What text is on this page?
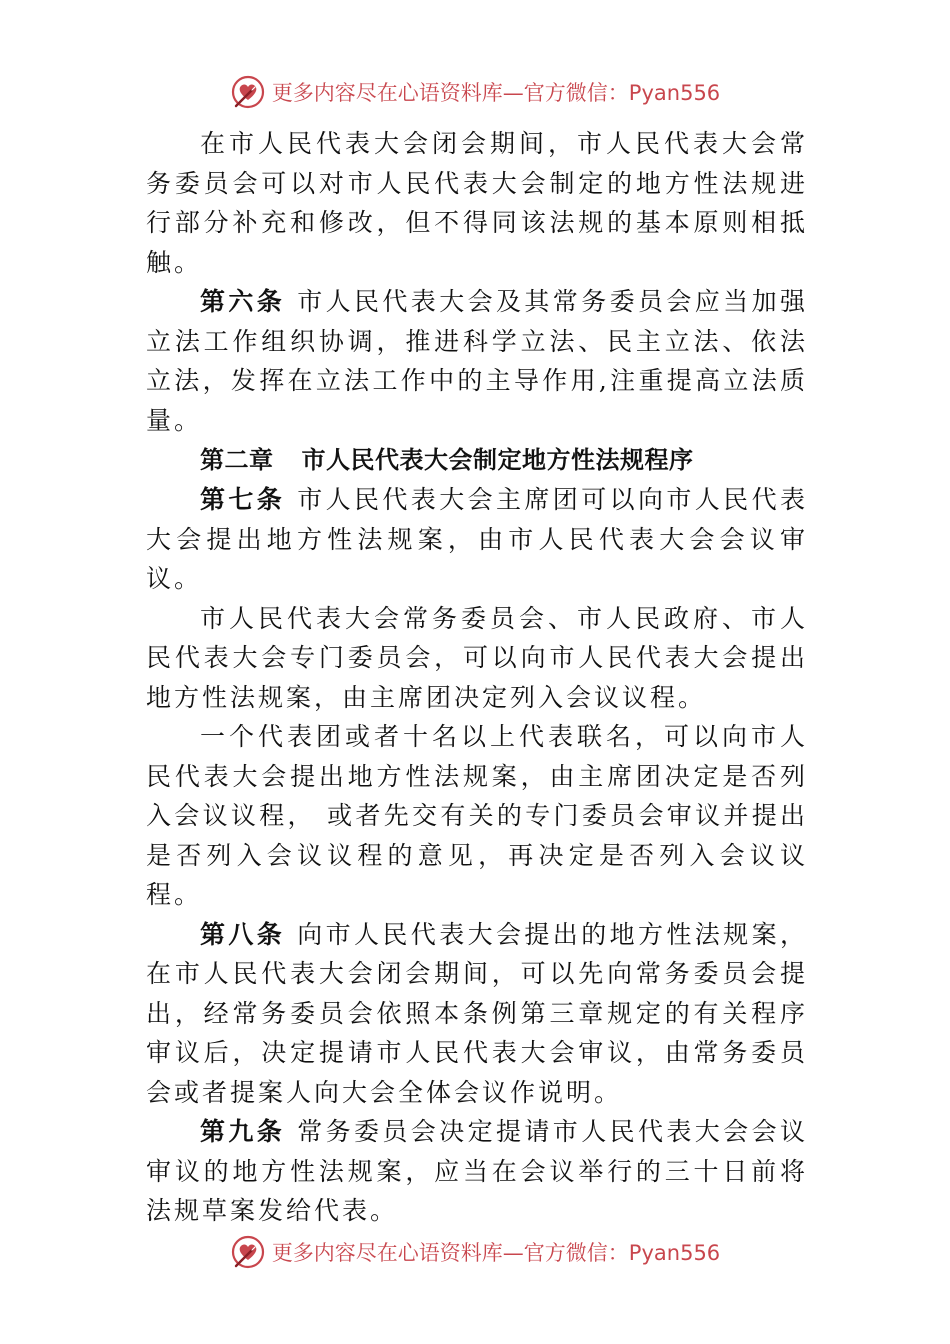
更多内容尽在心语资料库—官方微信：Pyan556

在市人民代表大会闭会期间，市人民代表大会常务委员会可以对市人民代表大会制定的地方性法规进行部分补充和修改，但不得同该法规的基本原则相抵触。

第六条 市人民代表大会及其常务委员会应当加强立法工作组织协调，推进科学立法、民主立法、依法立法，发挥在立法工作中的主导作用,注重提高立法质量。

第二章 市人民代表大会制定地方性法规程序

第七条 市人民代表大会主席团可以向市人民代表大会提出地方性法规案，由市人民代表大会会议审议。

市人民代表大会常务委员会、市人民政府、市人民代表大会专门委员会，可以向市人民代表大会提出地方性法规案，由主席团决定列入会议议程。

一个代表团或者十名以上代表联名，可以向市人民代表大会提出地方性法规案，由主席团决定是否列入会议议程， 或者先交有关的专门委员会审议并提出是否列入会议议程的意见，再决定是否列入会议议程。

第八条 向市人民代表大会提出的地方性法规案，在市人民代表大会闭会期间，可以先向常务委员会提出，经常务委员会依照本条例第三章规定的有关程序审议后，决定提请市人民代表大会审议，由常务委员会或者提案人向大会全体会议作说明。

第九条 常务委员会决定提请市人民代表大会会议审议的地方性法规案，应当在会议举行的三十日前将法规草案发给代表。

更多内容尽在心语资料库—官方微信：Pyan556
